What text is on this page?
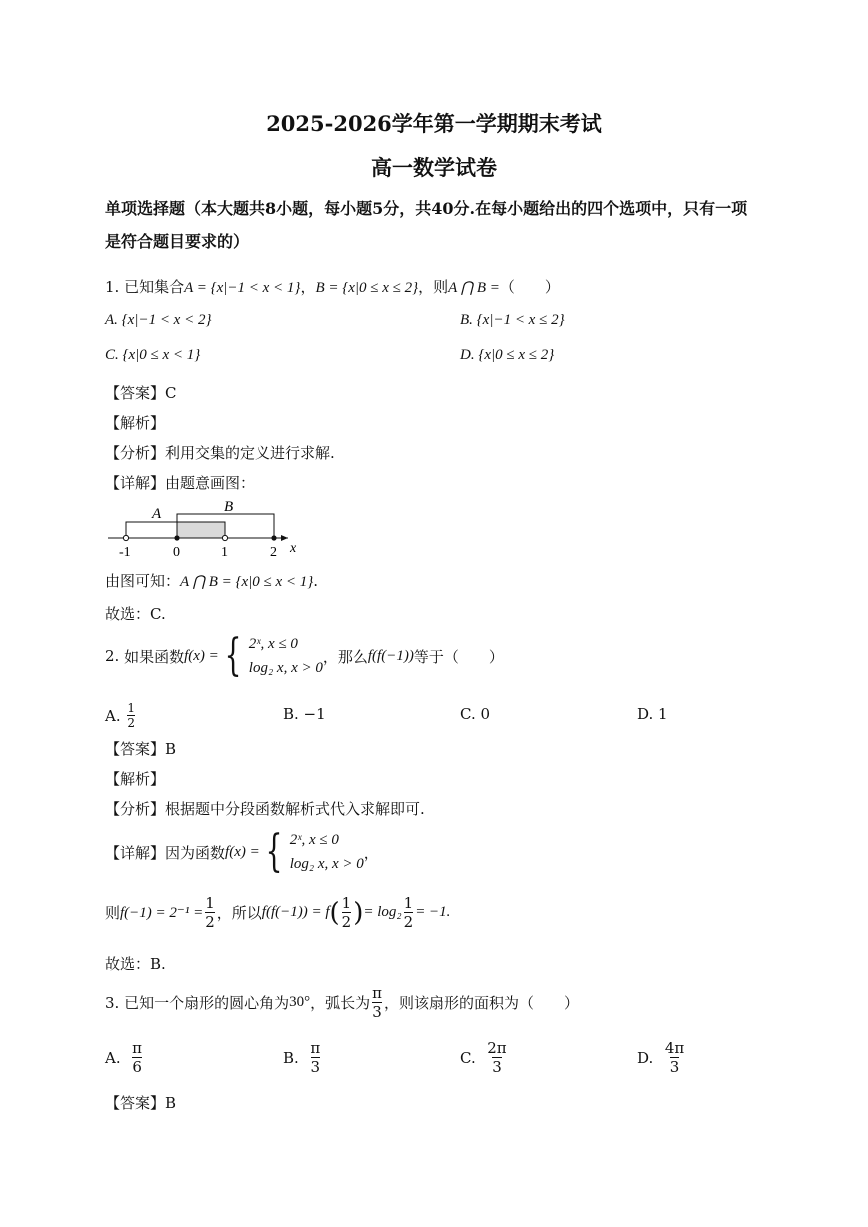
2025-2026学年第一学期期末考试
高一数学试卷
单项选择题（本大题共8小题，每小题5分，共40分.在每小题给出的四个选项中，只有一项是符合题目要求的）
1. 已知集合A = {x|−1 < x < 1}，B = {x|0 ≤ x ≤ 2}，则A ⋂ B =（　　）
A. {x|−1 < x < 2}	B. {x|−1 < x ≤ 2}
C. {x|0 ≤ x < 1}	D. {x|0 ≤ x ≤ 2}
【答案】C
【解析】
【分析】利用交集的定义进行求解.
【详解】由题意画图：
A	B
-1	0	1	2 x
由图可知：A ⋂ B = {x|0 ≤ x < 1}.
故选：C.
2.
如果函数 f(x) = { 2ˣ, x ≤ 0
log₂ x, x > 0
，那么 f(f(−1)) 等于（　　）
A.
$\frac{1}{2}$	B. −1	C. 0	D. 1
【答案】B
【解析】
【分析】根据题中分段函数解析式代入求解即可.
【详解】 因为函数 f(x) = { 2ˣ, x ≤ 0
log₂ x, x > 0
，
则 $f(-1) = 2^{-1} = \frac{1}{2}$ ，所以 f(f(−1)) = f ( $\frac{1}{2}$ ) = $\log_2 \frac{1}{2} = -1$.
故选：B.
3.
已知一个扇形的圆心角为 30° ，弧长为 $\frac{\pi}{3}$ ，则该扇形的面积为（　　）
A.
$\frac{\pi}{6}$	B.
$\frac{\pi}{3}$	C.
$\frac{2\pi}{3}$	D.
$\frac{4\pi}{3}$
【答案】B
